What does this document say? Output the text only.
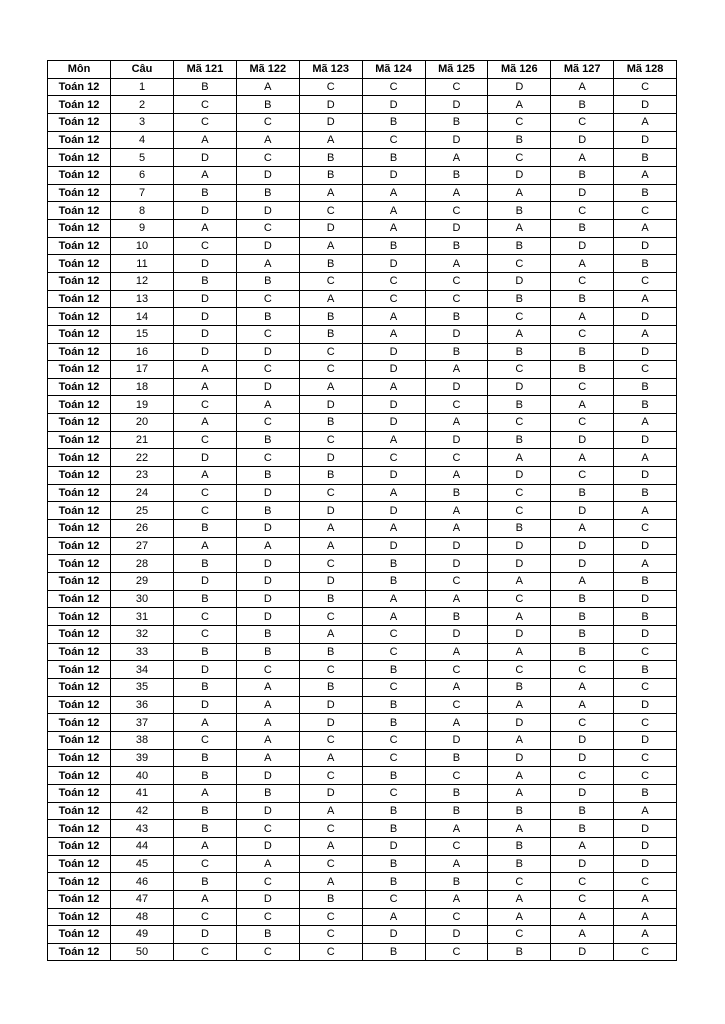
Môn	Câu	Mã 121	Mã 122	Mã 123	Mã 124	Mã 125	Mã 126	Mã 127	Mã 128
Toán 12	1	B	A	C	C	C	D	A	C
Toán 12	2	C	B	D	D	D	A	B	D
Toán 12	3	C	C	D	B	B	C	C	A
Toán 12	4	A	A	A	C	D	B	D	D
Toán 12	5	D	C	B	B	A	C	A	B
Toán 12	6	A	D	B	D	B	D	B	A
Toán 12	7	B	B	A	A	A	A	D	B
Toán 12	8	D	D	C	A	C	B	C	C
Toán 12	9	A	C	D	A	D	A	B	A
Toán 12	10	C	D	A	B	B	B	D	D
Toán 12	11	D	A	B	D	A	C	A	B
Toán 12	12	B	B	C	C	C	D	C	C
Toán 12	13	D	C	A	C	C	B	B	A
Toán 12	14	D	B	B	A	B	C	A	D
Toán 12	15	D	C	B	A	D	A	C	A
Toán 12	16	D	D	C	D	B	B	B	D
Toán 12	17	A	C	C	D	A	C	B	C
Toán 12	18	A	D	A	A	D	D	C	B
Toán 12	19	C	A	D	D	C	B	A	B
Toán 12	20	A	C	B	D	A	C	C	A
Toán 12	21	C	B	C	A	D	B	D	D
Toán 12	22	D	C	D	C	C	A	A	A
Toán 12	23	A	B	B	D	A	D	C	D
Toán 12	24	C	D	C	A	B	C	B	B
Toán 12	25	C	B	D	D	A	C	D	A
Toán 12	26	B	D	A	A	A	B	A	C
Toán 12	27	A	A	A	D	D	D	D	D
Toán 12	28	B	D	C	B	D	D	D	A
Toán 12	29	D	D	D	B	C	A	A	B
Toán 12	30	B	D	B	A	A	C	B	D
Toán 12	31	C	D	C	A	B	A	B	B
Toán 12	32	C	B	A	C	D	D	B	D
Toán 12	33	B	B	B	C	A	A	B	C
Toán 12	34	D	C	C	B	C	C	C	B
Toán 12	35	B	A	B	C	A	B	A	C
Toán 12	36	D	A	D	B	C	A	A	D
Toán 12	37	A	A	D	B	A	D	C	C
Toán 12	38	C	A	C	C	D	A	D	D
Toán 12	39	B	A	A	C	B	D	D	C
Toán 12	40	B	D	C	B	C	A	C	C
Toán 12	41	A	B	D	C	B	A	D	B
Toán 12	42	B	D	A	B	B	B	B	A
Toán 12	43	B	C	C	B	A	A	B	D
Toán 12	44	A	D	A	D	C	B	A	D
Toán 12	45	C	A	C	B	A	B	D	D
Toán 12	46	B	C	A	B	B	C	C	C
Toán 12	47	A	D	B	C	A	A	C	A
Toán 12	48	C	C	C	A	C	A	A	A
Toán 12	49	D	B	C	D	D	C	A	A
Toán 12	50	C	C	C	B	C	B	D	C
